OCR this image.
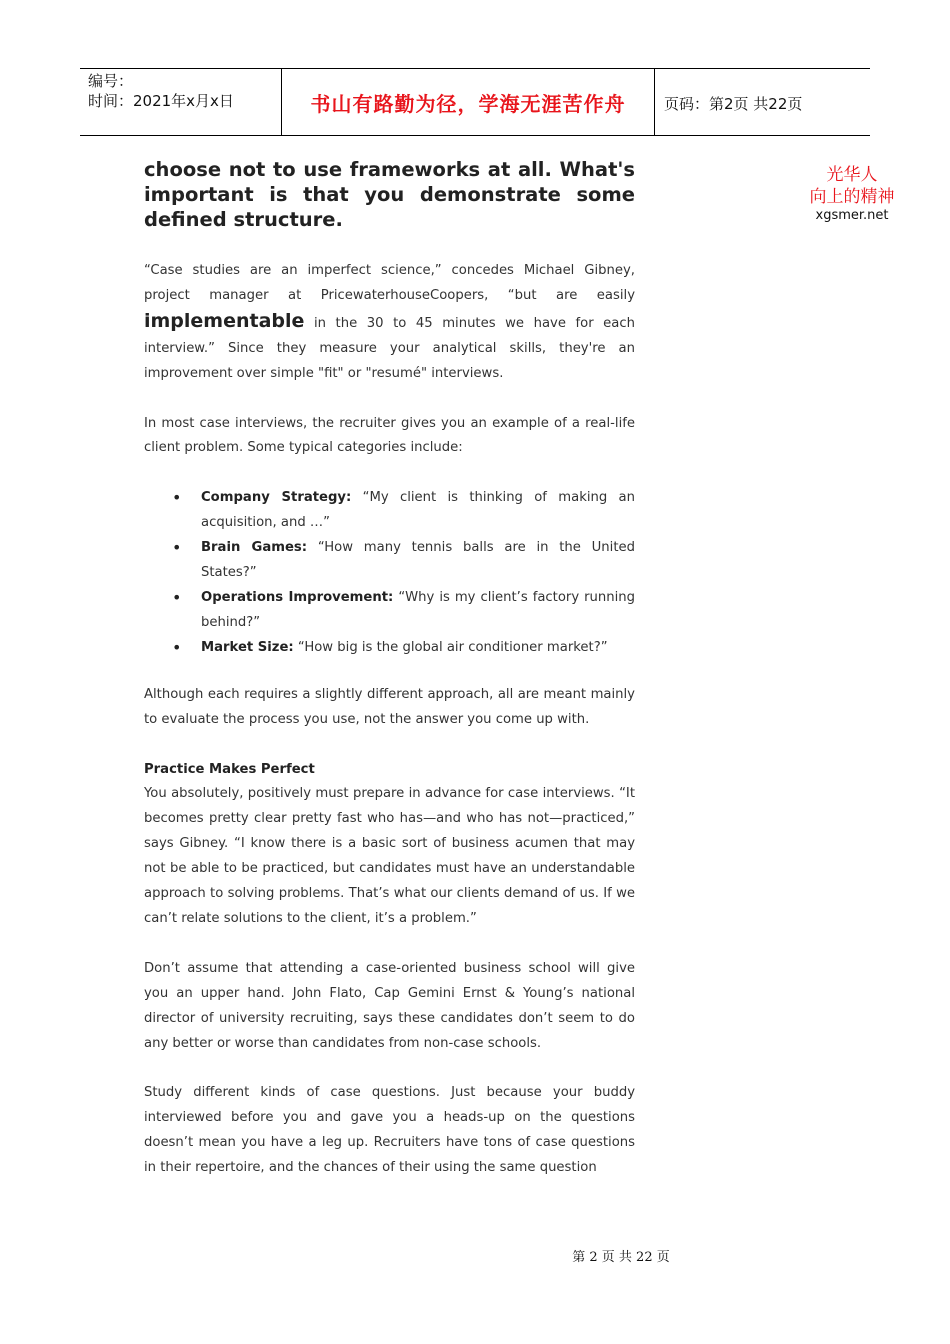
编号：
时间：2021年x月x日	书山有路勤为径，学海无涯苦作舟	页码：第2页 共22页
光华人
向上的精神
xgsmer.net

choose not to use frameworks at all. What's important is that you demonstrate some defined structure.

“Case studies are an imperfect science,” concedes Michael Gibney, project manager at PricewaterhouseCoopers, “but are easily implementable in the 30 to 45 minutes we have for each interview.” Since they measure your analytical skills, they're an improvement over simple "fit" or "resumé" interviews.

In most case interviews, the recruiter gives you an example of a real-life client problem. Some typical categories include:

• Company Strategy: “My client is thinking of making an acquisition, and …”
• Brain Games: “How many tennis balls are in the United States?”
• Operations Improvement: “Why is my client’s factory running behind?”
• Market Size: “How big is the global air conditioner market?”

Although each requires a slightly different approach, all are meant mainly to evaluate the process you use, not the answer you come up with.

Practice Makes Perfect

You absolutely, positively must prepare in advance for case interviews. “It becomes pretty clear pretty fast who has—and who has not—practiced,” says Gibney. “I know there is a basic sort of business acumen that may not be able to be practiced, but candidates must have an understandable approach to solving problems. That’s what our clients demand of us. If we can’t relate solutions to the client, it’s a problem.”

Don’t assume that attending a case-oriented business school will give you an upper hand. John Flato, Cap Gemini Ernst & Young’s national director of university recruiting, says these candidates don’t seem to do any better or worse than candidates from non-case schools.

Study different kinds of case questions. Just because your buddy interviewed before you and gave you a heads-up on the questions doesn’t mean you have a leg up. Recruiters have tons of case questions in their repertoire, and the chances of their using the same question

第 2 页 共 22 页
